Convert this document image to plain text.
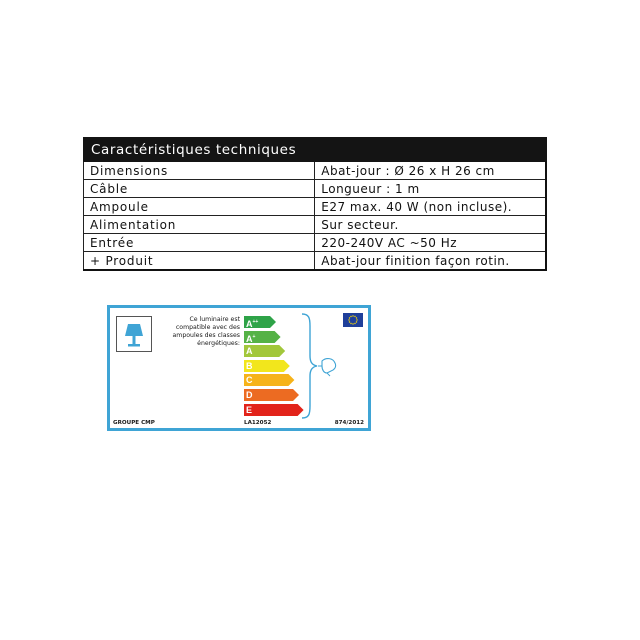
Caractéristiques techniques	
Dimensions	Abat-jour : Ø 26 x H 26 cm
Câble	Longueur : 1 m
Ampoule	E27 max. 40 W (non incluse).
Alimentation	Sur secteur.
Entrée	220-240V AC ~50 Hz
+ Produit	Abat-jour finition façon rotin.
Ce luminaire est
compatible avec des
ampoules des classes
énergétiques:
A++
A+
A
B
C
D
E
GROUPE CMP	LA12052	874/2012
